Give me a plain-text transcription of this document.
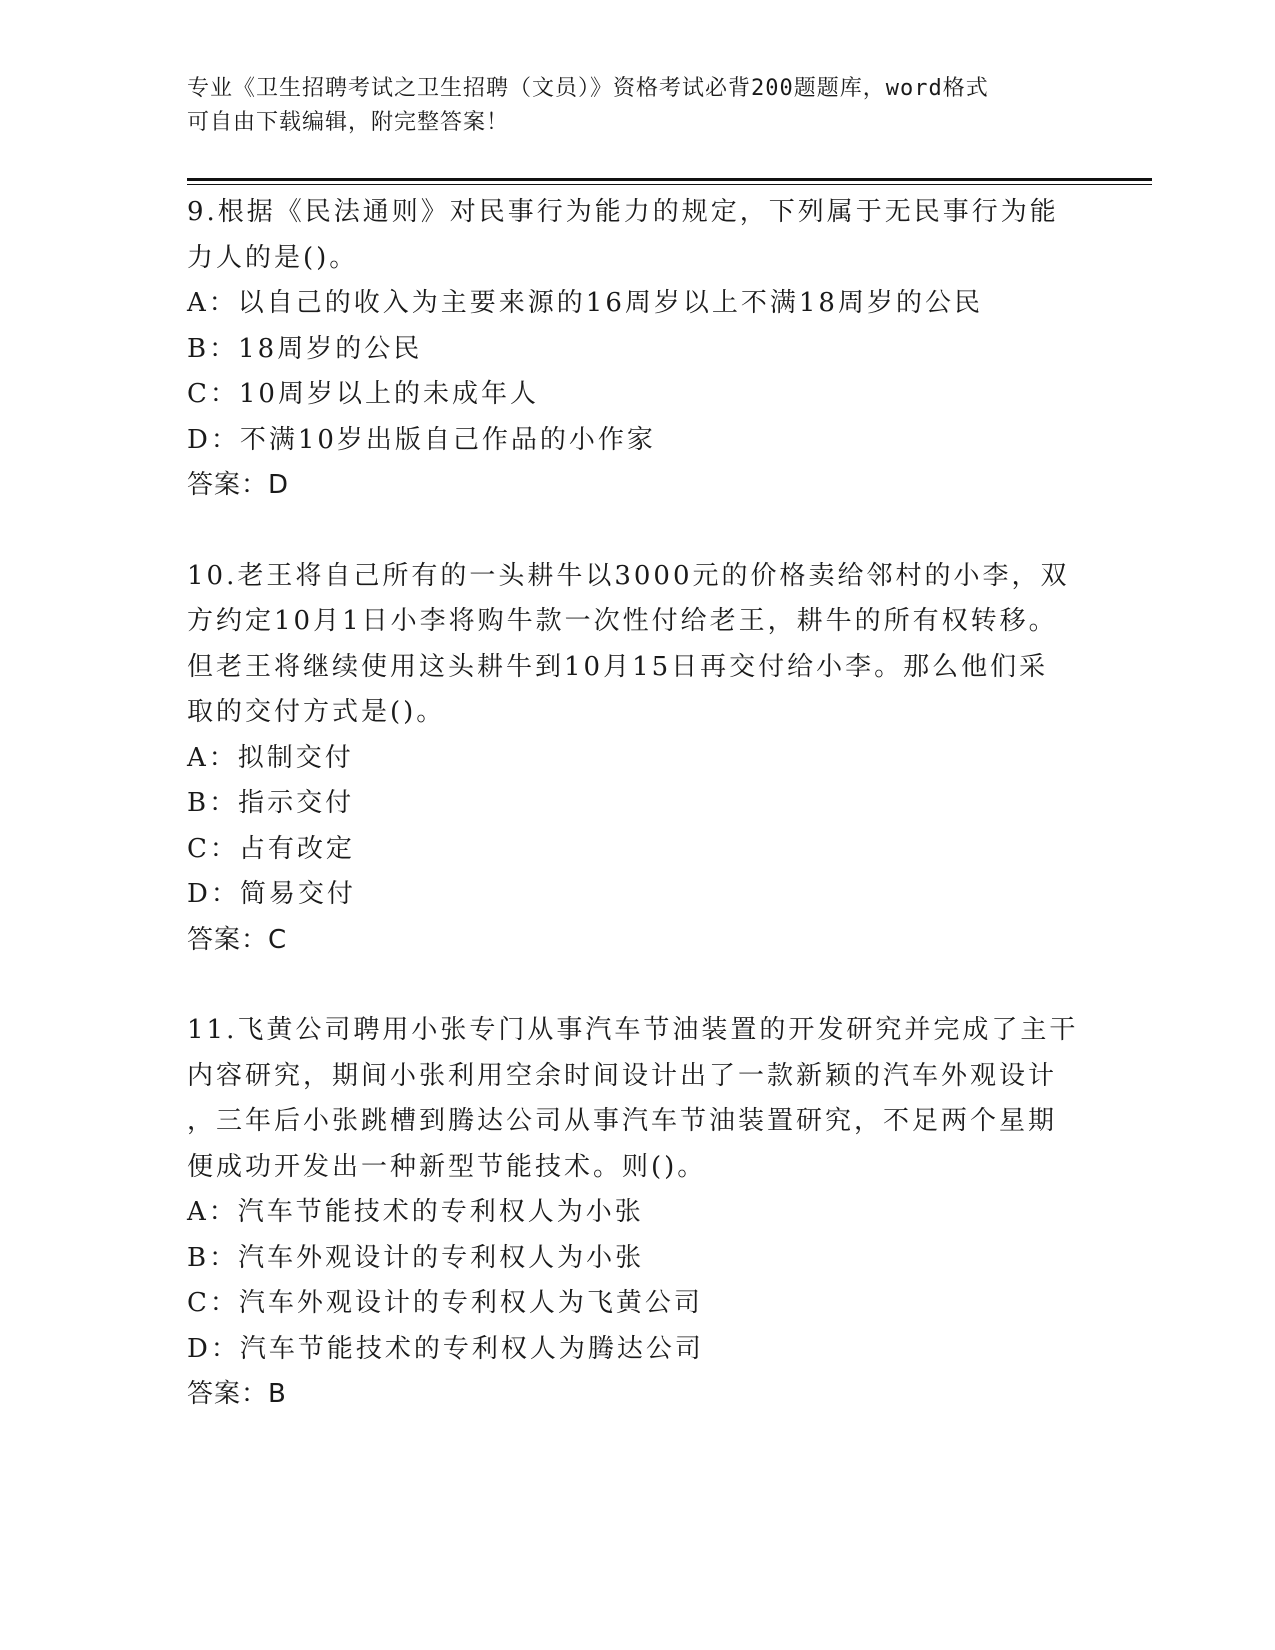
专业《卫生招聘考试之卫生招聘（文员）》资格考试必背200题题库，word格式
可自由下载编辑，附完整答案！
9.根据《民法通则》对民事行为能力的规定，下列属于无民事行为能
力人的是()。
A：以自己的收入为主要来源的16周岁以上不满18周岁的公民
B：18周岁的公民
C：10周岁以上的未成年人
D：不满10岁出版自己作品的小作家
答案：D
10.老王将自己所有的一头耕牛以3000元的价格卖给邻村的小李，双
方约定10月1日小李将购牛款一次性付给老王，耕牛的所有权转移。
但老王将继续使用这头耕牛到10月15日再交付给小李。那么他们采
取的交付方式是()。
A：拟制交付
B：指示交付
C：占有改定
D：简易交付
答案：C
11.飞黄公司聘用小张专门从事汽车节油装置的开发研究并完成了主干
内容研究，期间小张利用空余时间设计出了一款新颖的汽车外观设计
，三年后小张跳槽到腾达公司从事汽车节油装置研究，不足两个星期
便成功开发出一种新型节能技术。则()。
A：汽车节能技术的专利权人为小张
B：汽车外观设计的专利权人为小张
C：汽车外观设计的专利权人为飞黄公司
D：汽车节能技术的专利权人为腾达公司
答案：B
